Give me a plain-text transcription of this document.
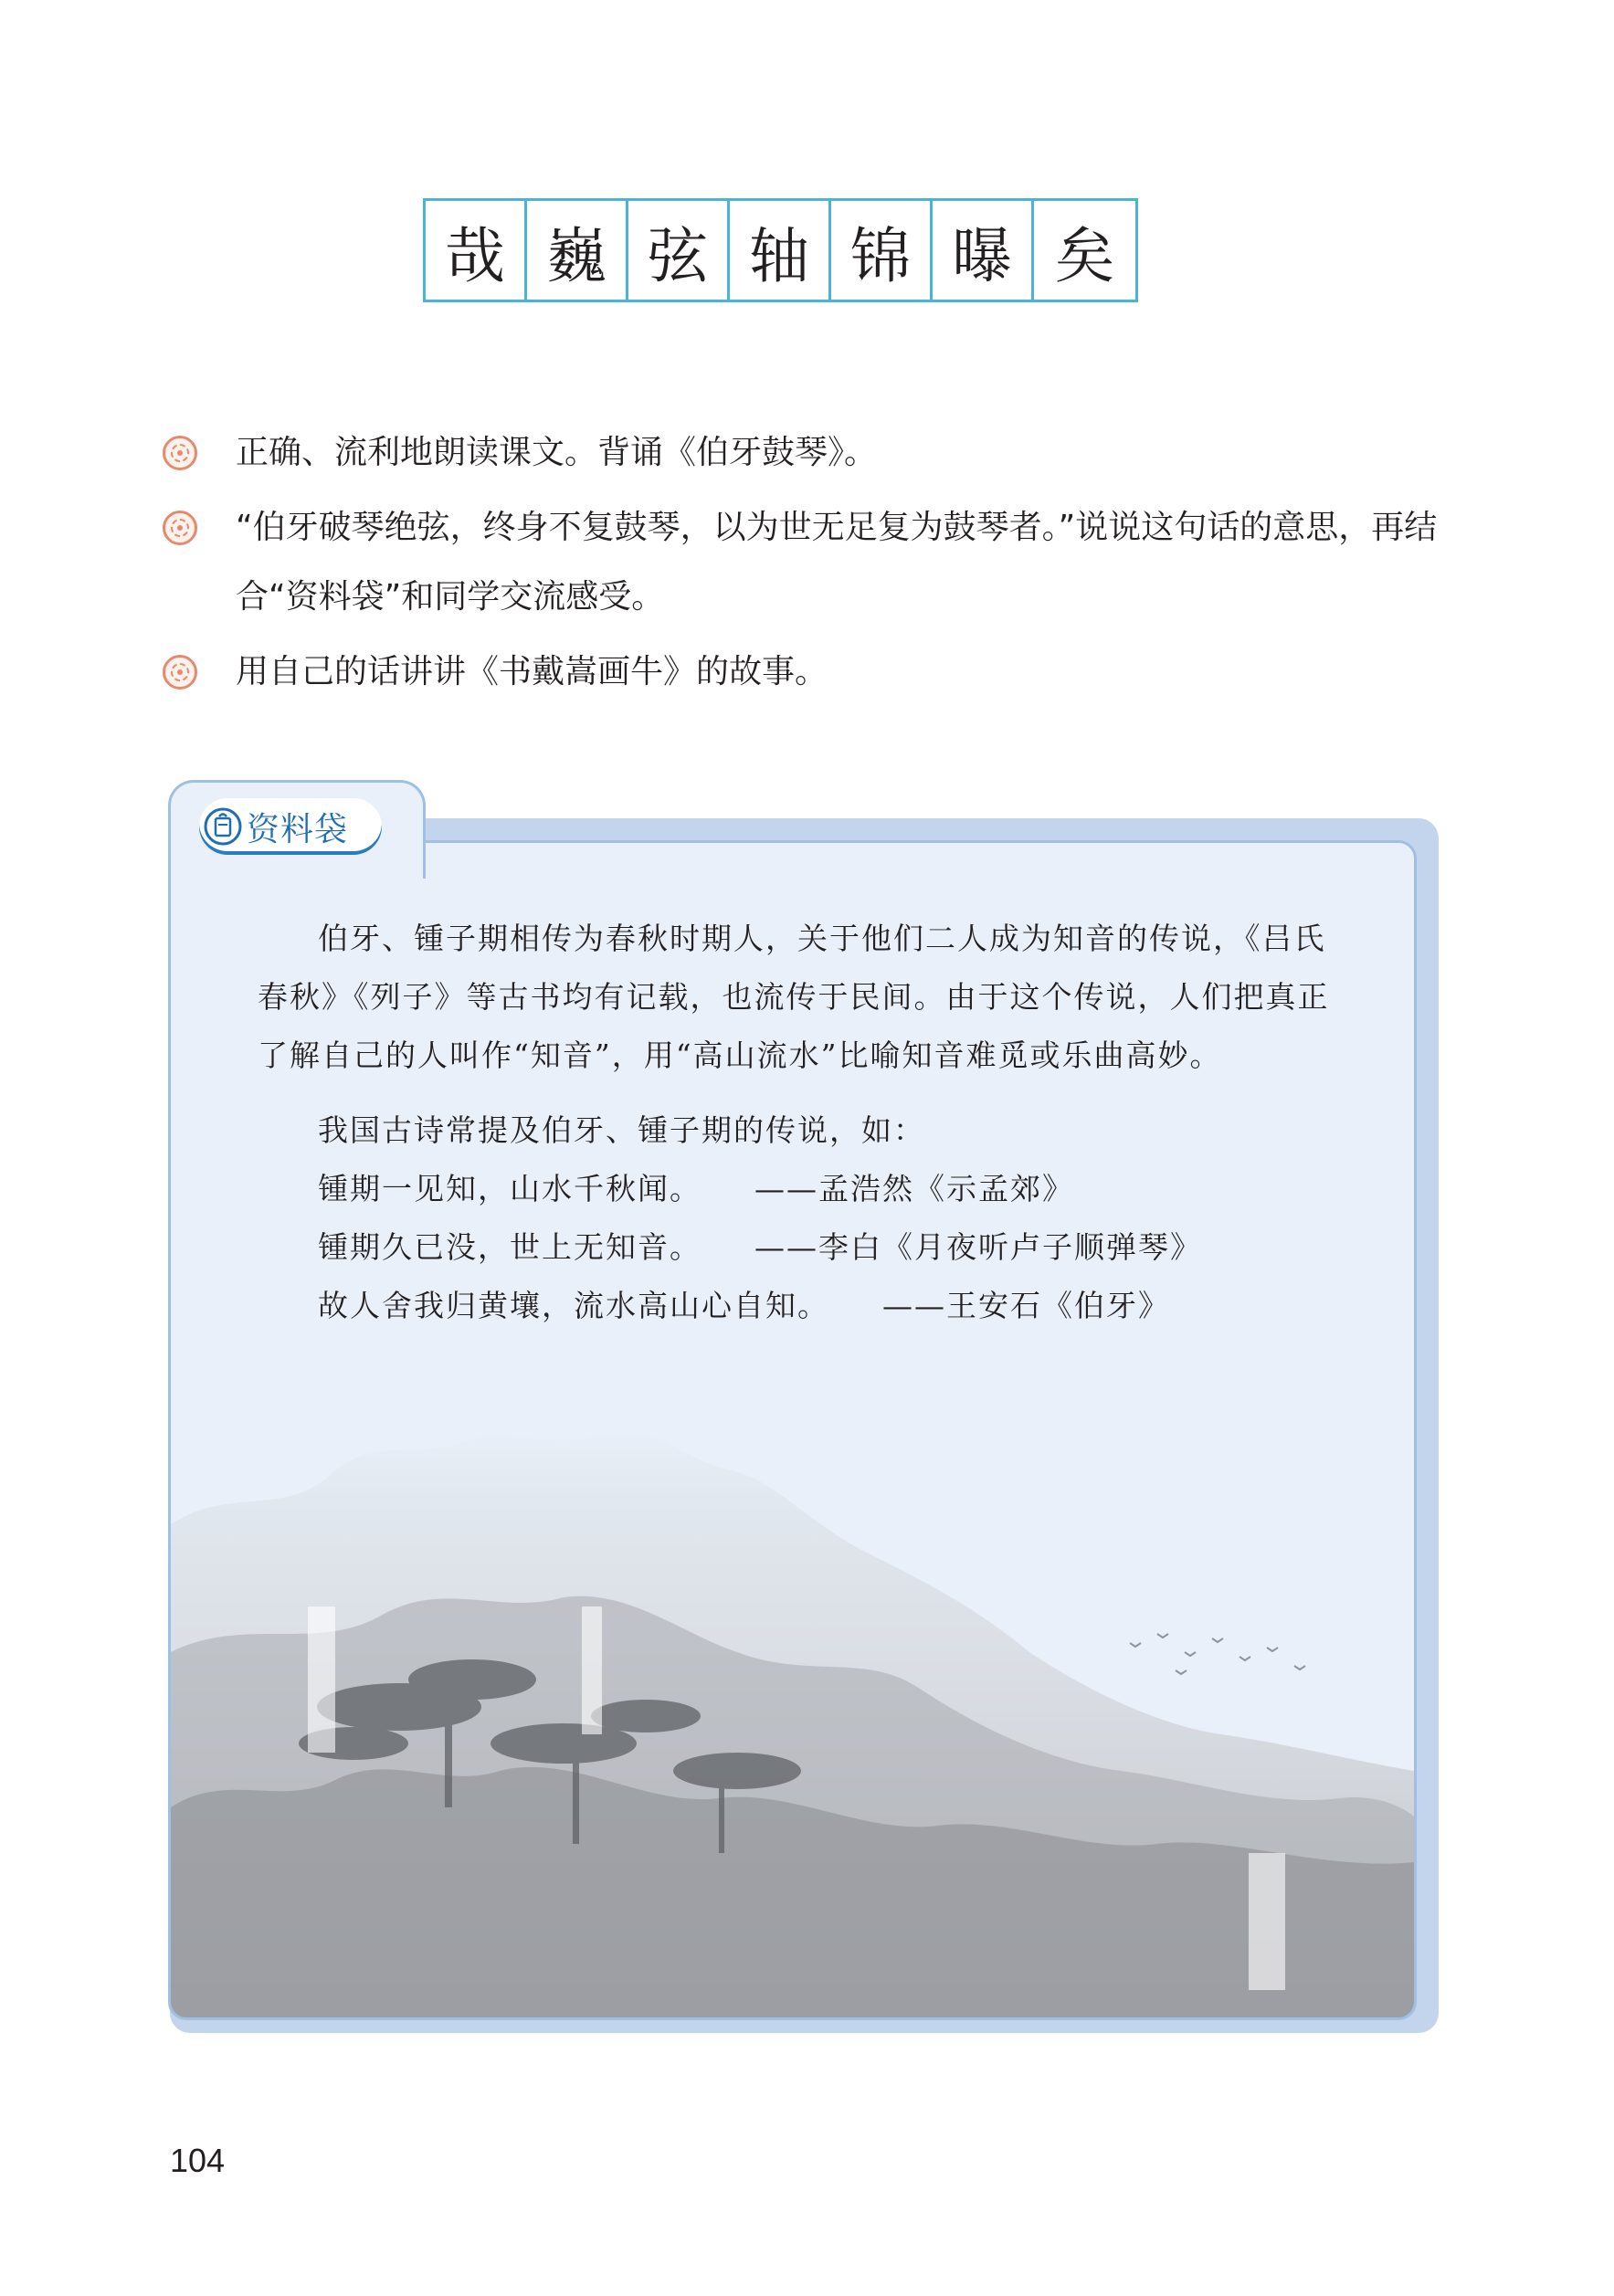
哉 巍 弦 轴 锦 曝 矣
正确、流利地朗读课文。背诵《伯牙鼓琴》。
“伯牙破琴绝弦，终身不复鼓琴，以为世无足复为鼓琴者。”说说这句话的意思，再结合“资料袋”和同学交流感受。
用自己的话讲讲《书戴嵩画牛》的故事。
资料袋
伯牙、锺子期相传为春秋时期人，关于他们二人成为知音的传说，《吕氏春秋》《列子》等古书均有记载，也流传于民间。由于这个传说，人们把真正了解自己的人叫作“知音”，用“高山流水”比喻知音难觅或乐曲高妙。
我国古诗常提及伯牙、锺子期的传说，如：
锺期一见知，山水千秋闻。 ——孟浩然《示孟郊》
锺期久已没，世上无知音。 ——李白《月夜听卢子顺弹琴》
故人舍我归黄壤，流水高山心自知。 ——王安石《伯牙》
104
